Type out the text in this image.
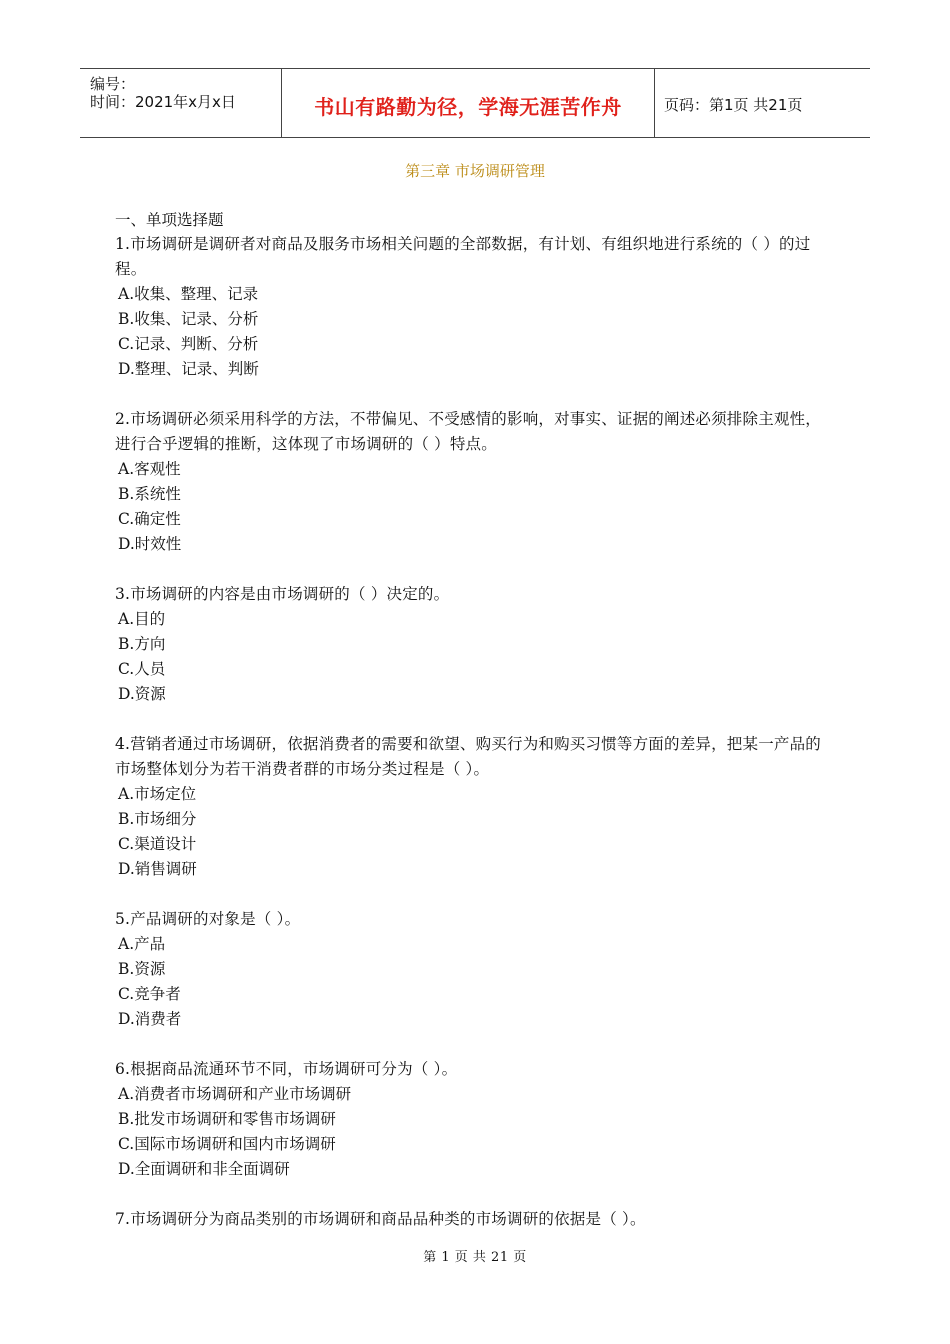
编号：
时间：2021年x月x日	书山有路勤为径，学海无涯苦作舟	页码：第1页 共21页
第三章 市场调研管理
一、单项选择题
1.市场调研是调研者对商品及服务市场相关问题的全部数据，有计划、有组织地进行系统的（ ）的过程。
A.收集、整理、记录
B.收集、记录、分析
C.记录、判断、分析
D.整理、记录、判断
2.市场调研必须采用科学的方法，不带偏见、不受感情的影响，对事实、证据的阐述必须排除主观性，进行合乎逻辑的推断，这体现了市场调研的（ ）特点。
A.客观性
B.系统性
C.确定性
D.时效性
3.市场调研的内容是由市场调研的（ ）决定的。
A.目的
B.方向
C.人员
D.资源
4.营销者通过市场调研，依据消费者的需要和欲望、购买行为和购买习惯等方面的差异，把某一产品的市场整体划分为若干消费者群的市场分类过程是（ ）。
A.市场定位
B.市场细分
C.渠道设计
D.销售调研
5.产品调研的对象是（ ）。
A.产品
B.资源
C.竞争者
D.消费者
6.根据商品流通环节不同，市场调研可分为（ ）。
A.消费者市场调研和产业市场调研
B.批发市场调研和零售市场调研
C.国际市场调研和国内市场调研
D.全面调研和非全面调研
7.市场调研分为商品类别的市场调研和商品品种类的市场调研的依据是（ ）。
第 1 页 共 21 页
